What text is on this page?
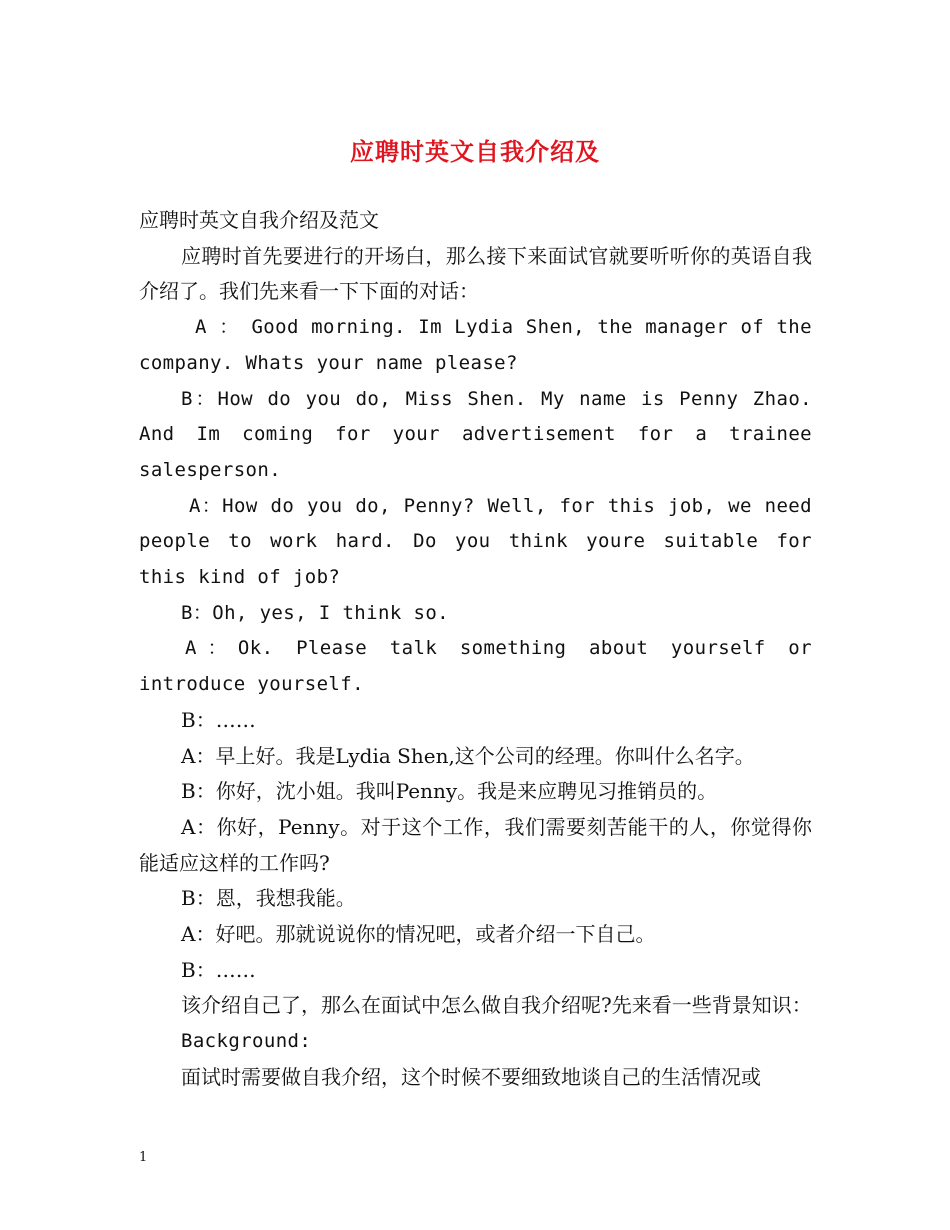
应聘时英文自我介绍及

应聘时英文自我介绍及范文

应聘时首先要进行的开场白，那么接下来面试官就要听听你的英语自我介绍了。我们先来看一下下面的对话：

A ： Good morning. Im Lydia Shen, the manager of the company. Whats your name please?

B：How do you do, Miss Shen. My name is Penny Zhao. And Im coming for your advertisement for a trainee salesperson.

A：How do you do, Penny? Well, for this job, we need people to work hard. Do you think youre suitable for this kind of job?

B：Oh, yes, I think so.

A：Ok. Please talk something about yourself or introduce yourself.

B：……

A：早上好。我是Lydia Shen,这个公司的经理。你叫什么名字。

B：你好，沈小姐。我叫Penny。我是来应聘见习推销员的。

A：你好，Penny。对于这个工作，我们需要刻苦能干的人，你觉得你能适应这样的工作吗?

B：恩，我想我能。

A：好吧。那就说说你的情况吧，或者介绍一下自己。

B：……

该介绍自己了，那么在面试中怎么做自我介绍呢?先来看一些背景知识：

Background:

面试时需要做自我介绍，这个时候不要细致地谈自己的生活情况或

1
